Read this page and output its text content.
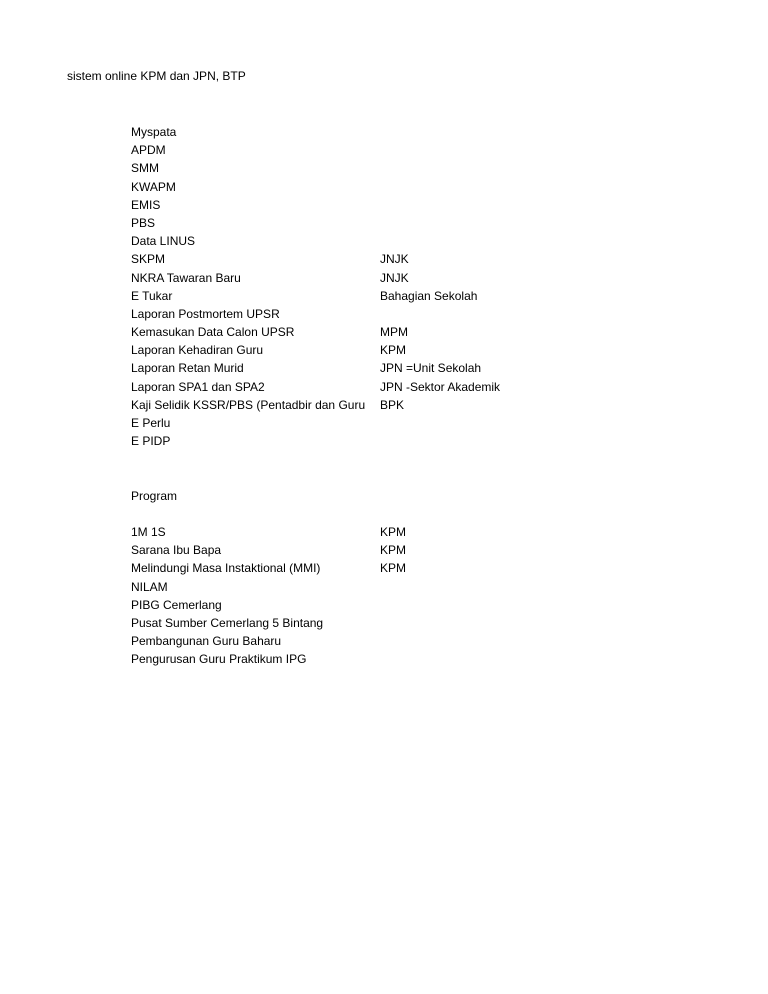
sistem online KPM dan JPN, BTP
Myspata
APDM
SMM
KWAPM
EMIS
PBS
Data LINUS
SKPM	JNJK
NKRA Tawaran Baru	JNJK
E Tukar	Bahagian Sekolah
Laporan Postmortem UPSR
Kemasukan Data Calon UPSR	MPM
Laporan Kehadiran Guru	KPM
Laporan Retan Murid	JPN =Unit Sekolah
Laporan SPA1 dan SPA2	JPN -Sektor Akademik
Kaji Selidik KSSR/PBS (Pentadbir dan Guru	BPK
E Perlu
E PIDP
Program
1M 1S	KPM
Sarana Ibu Bapa	KPM
Melindungi Masa Instaktional (MMI)	KPM
NILAM
PIBG Cemerlang
Pusat Sumber Cemerlang 5 Bintang
Pembangunan Guru Baharu
Pengurusan Guru Praktikum IPG
